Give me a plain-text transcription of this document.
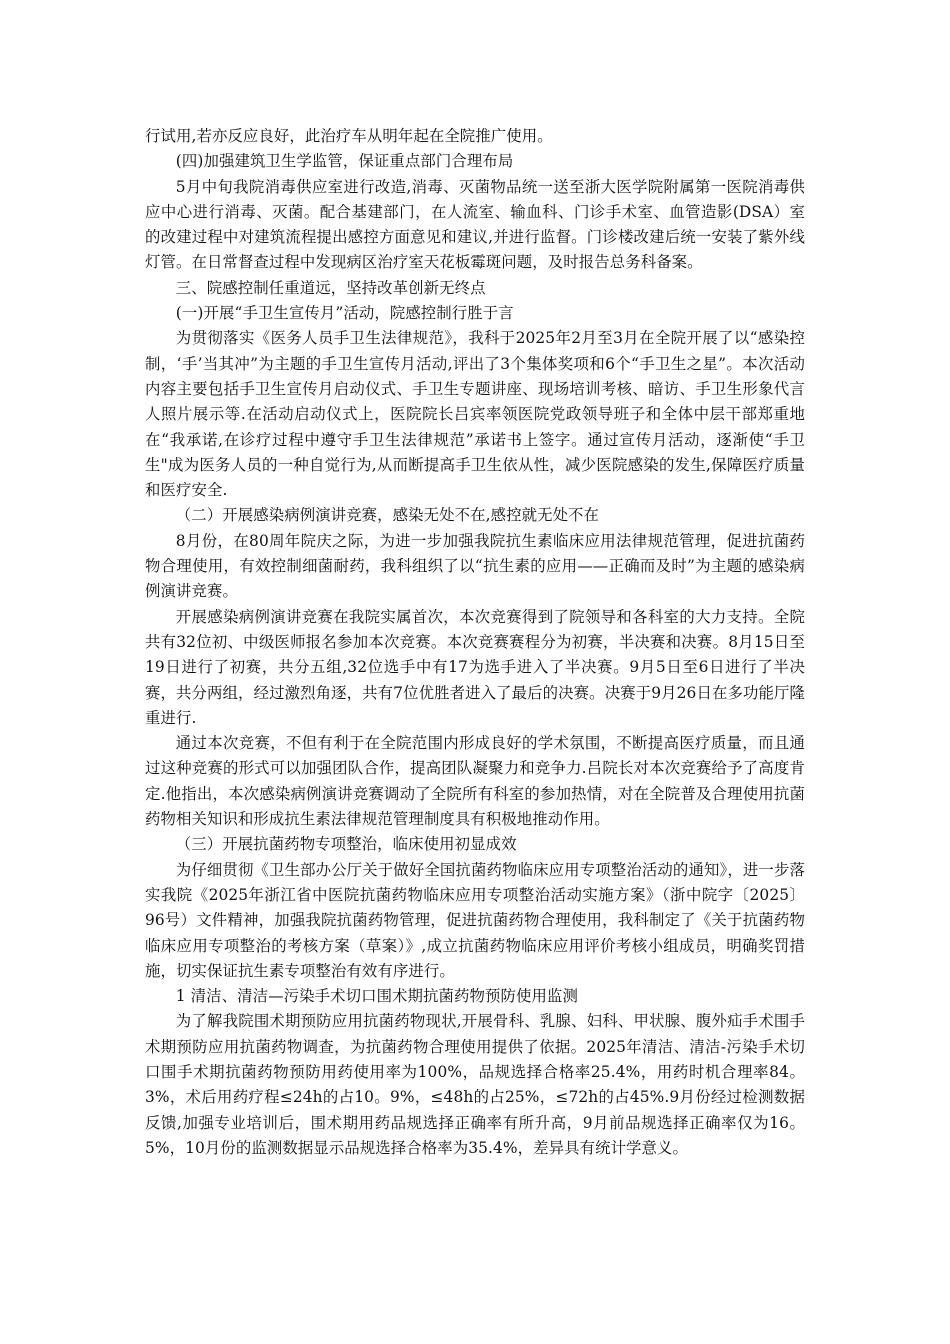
行试用,若亦反应良好，此治疗车从明年起在全院推广使用。

(四)加强建筑卫生学监管，保证重点部门合理布局

5月中旬我院消毒供应室进行改造,消毒、灭菌物品统一送至浙大医学院附属第一医院消毒供应中心进行消毒、灭菌。配合基建部门，在人流室、输血科、门诊手术室、血管造影(DSA）室的改建过程中对建筑流程提出感控方面意见和建议,并进行监督。门诊楼改建后统一安装了紫外线灯管。在日常督查过程中发现病区治疗室天花板霉斑问题，及时报告总务科备案。

三、院感控制任重道远，坚持改革创新无终点

(一)开展“手卫生宣传月”活动，院感控制行胜于言

为贯彻落实《医务人员手卫生法律规范》，我科于2025年2月至3月在全院开展了以“感染控制，‘手’当其冲”为主题的手卫生宣传月活动,评出了3个集体奖项和6个“手卫生之星”。本次活动内容主要包括手卫生宣传月启动仪式、手卫生专题讲座、现场培训考核、暗访、手卫生形象代言人照片展示等.在活动启动仪式上，医院院长吕宾率领医院党政领导班子和全体中层干部郑重地在“我承诺,在诊疗过程中遵守手卫生法律规范”承诺书上签字。通过宣传月活动，逐渐使“手卫生"成为医务人员的一种自觉行为,从而断提高手卫生依从性，减少医院感染的发生,保障医疗质量和医疗安全.

（二）开展感染病例演讲竞赛，感染无处不在,感控就无处不在

8月份，在80周年院庆之际，为进一步加强我院抗生素临床应用法律规范管理，促进抗菌药物合理使用，有效控制细菌耐药，我科组织了以“抗生素的应用——正确而及时”为主题的感染病例演讲竞赛。

开展感染病例演讲竞赛在我院实属首次，本次竞赛得到了院领导和各科室的大力支持。全院共有32位初、中级医师报名参加本次竞赛。本次竞赛赛程分为初赛，半决赛和决赛。8月15日至19日进行了初赛，共分五组,32位选手中有17为选手进入了半决赛。9月5日至6日进行了半决赛，共分两组，经过激烈角逐，共有7位优胜者进入了最后的决赛。决赛于9月26日在多功能厅隆重进行.

通过本次竞赛，不但有利于在全院范围内形成良好的学术氛围，不断提高医疗质量，而且通过这种竞赛的形式可以加强团队合作，提高团队凝聚力和竞争力.吕院长对本次竞赛给予了高度肯定.他指出，本次感染病例演讲竞赛调动了全院所有科室的参加热情，对在全院普及合理使用抗菌药物相关知识和形成抗生素法律规范管理制度具有积极地推动作用。

（三）开展抗菌药物专项整治，临床使用初显成效

为仔细贯彻《卫生部办公厅关于做好全国抗菌药物临床应用专项整治活动的通知》，进一步落实我院《2025年浙江省中医院抗菌药物临床应用专项整治活动实施方案》（浙中院字〔2025〕96号）文件精神，加强我院抗菌药物管理，促进抗菌药物合理使用，我科制定了《关于抗菌药物临床应用专项整治的考核方案（草案）》,成立抗菌药物临床应用评价考核小组成员，明确奖罚措施，切实保证抗生素专项整治有效有序进行。

1 清洁、清洁—污染手术切口围术期抗菌药物预防使用监测

为了解我院围术期预防应用抗菌药物现状,开展骨科、乳腺、妇科、甲状腺、腹外疝手术围手术期预防应用抗菌药物调查，为抗菌药物合理使用提供了依据。2025年清洁、清洁-污染手术切口围手术期抗菌药物预防用药使用率为100%，品规选择合格率25.4%，用药时机合理率84。3%，术后用药疗程≤24h的占10。9%，≤48h的占25%，≤72h的占45%.9月份经过检测数据反馈,加强专业培训后，围术期用药品规选择正确率有所升高，9月前品规选择正确率仅为16。5%，10月份的监测数据显示品规选择合格率为35.4%，差异具有统计学意义。
